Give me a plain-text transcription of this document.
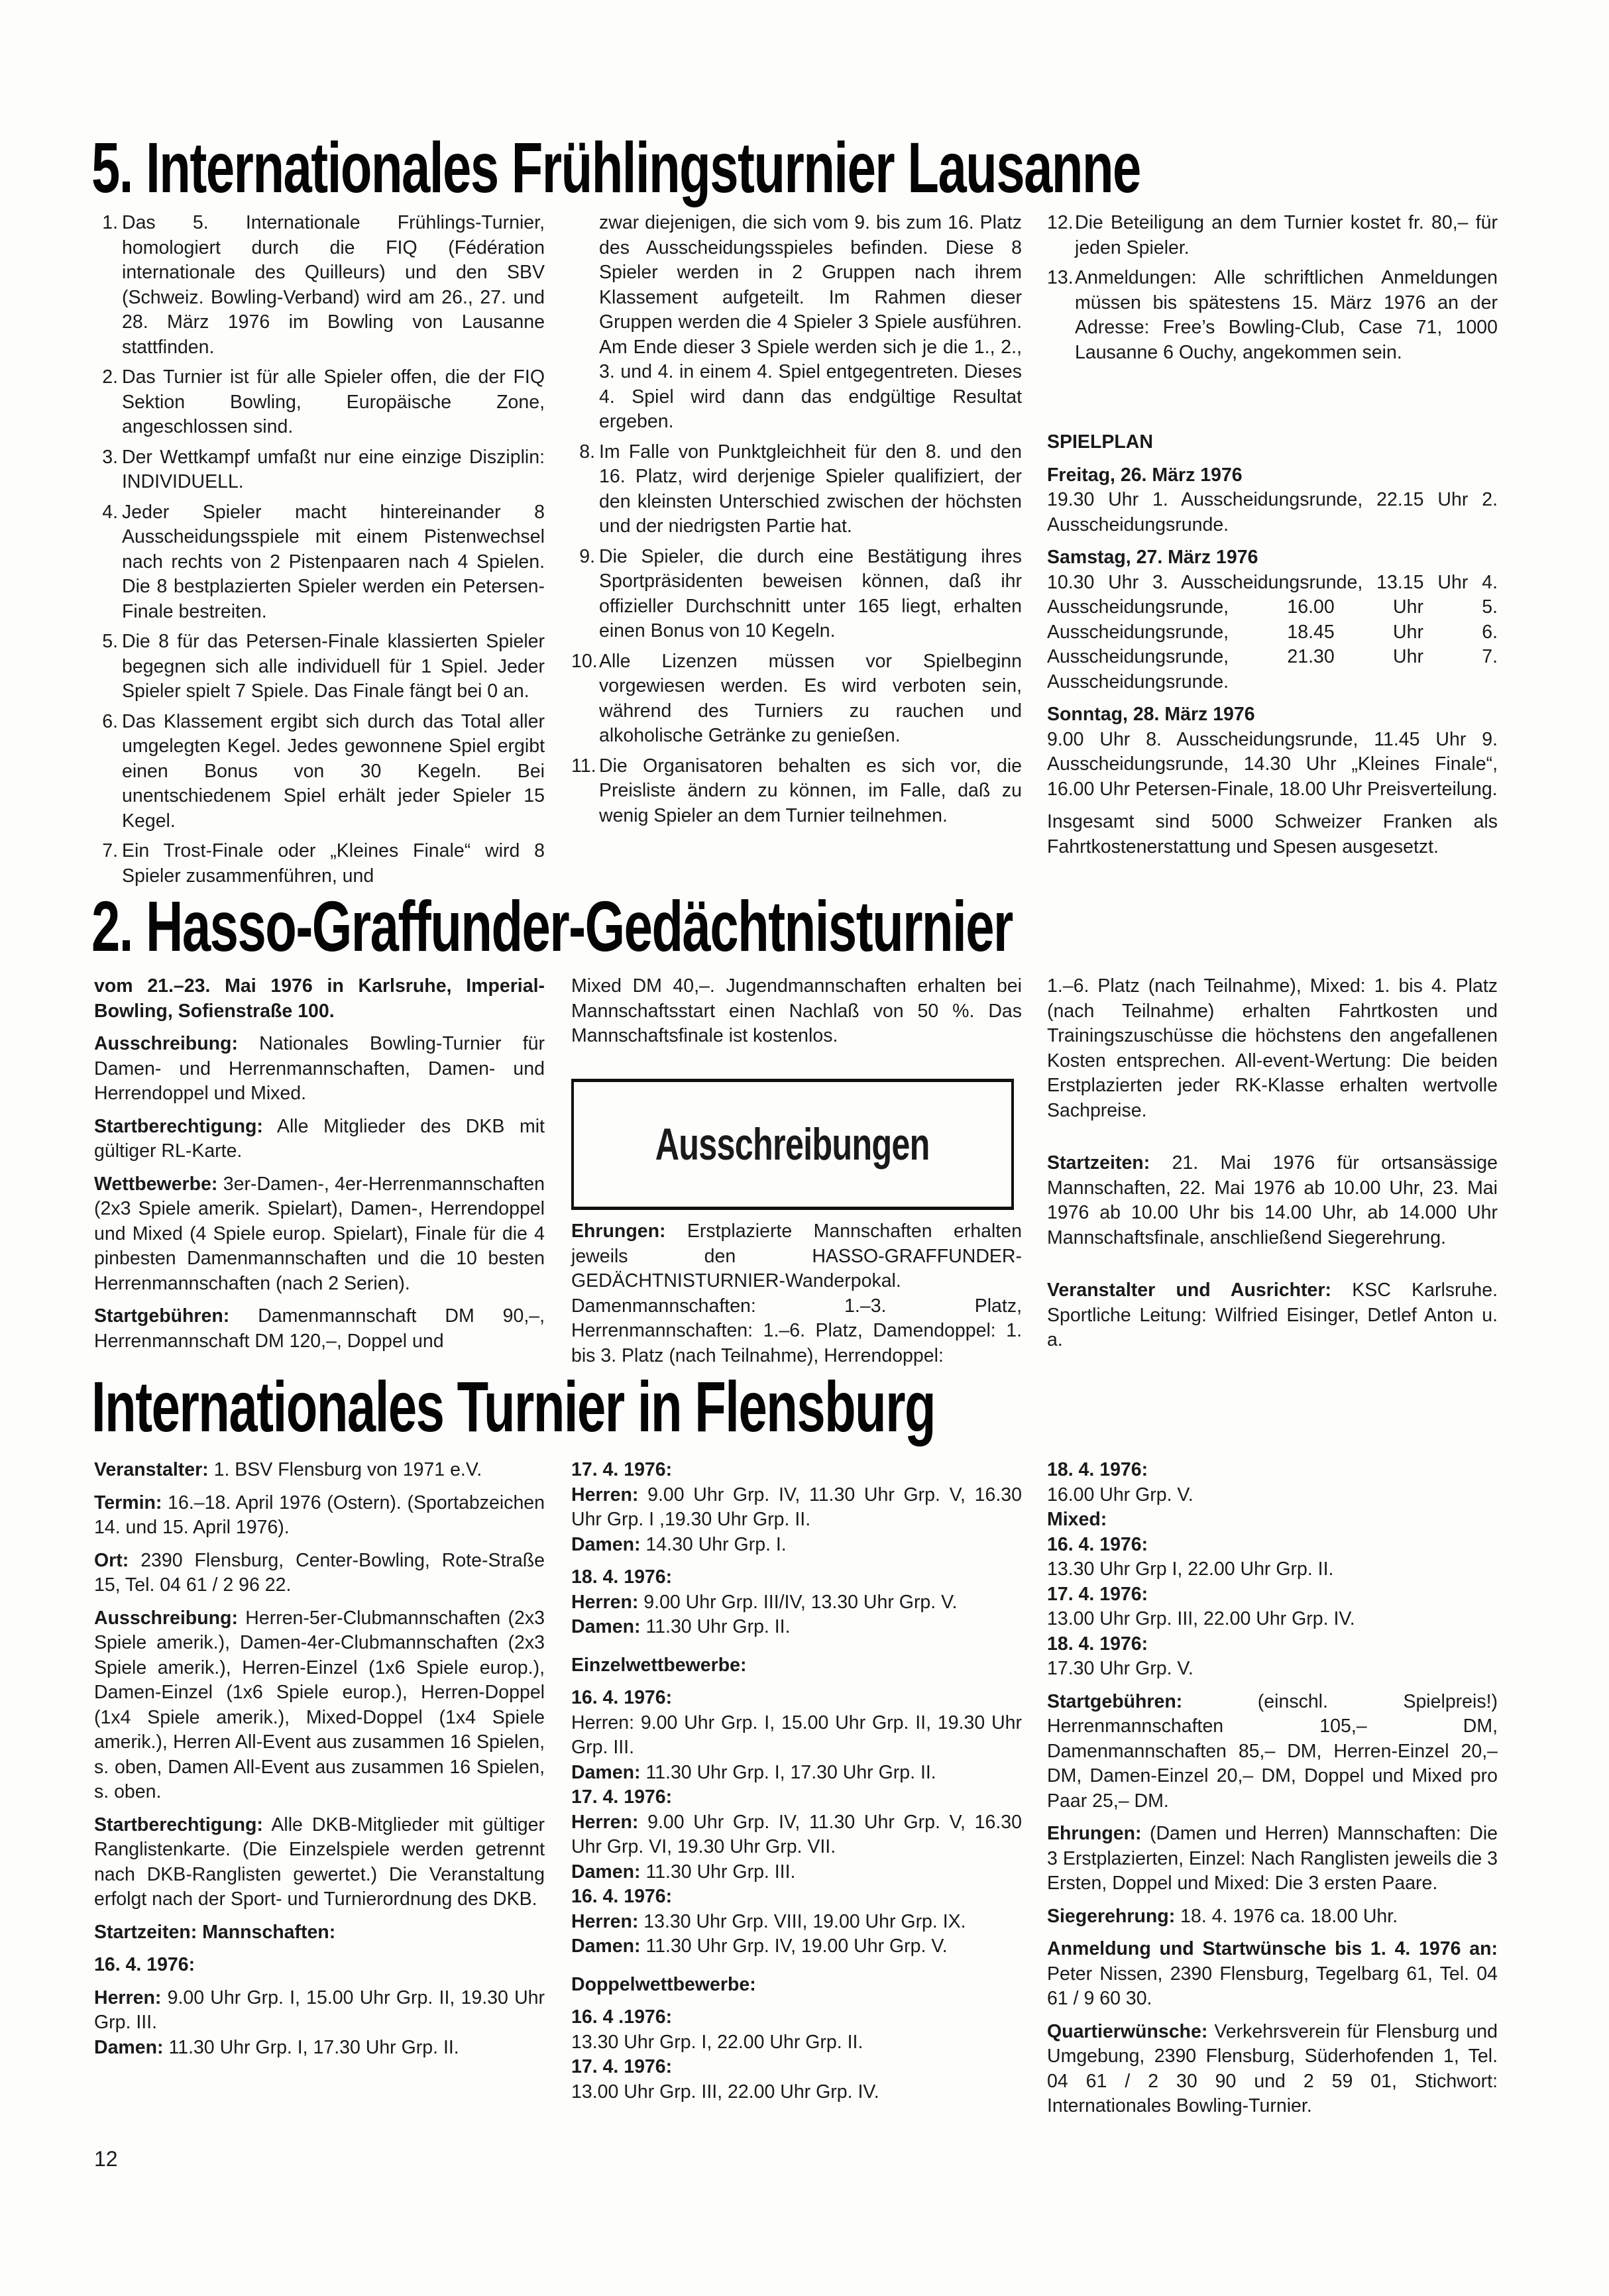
5. Internationales Frühlingsturnier Lausanne
1. Das 5. Internationale Frühlings-Turnier, homologiert durch die FIQ (Fédération internationale des Quilleurs) und den SBV (Schweiz. Bowling-Verband) wird am 26., 27. und 28. März 1976 im Bowling von Lausanne stattfinden.
2. Das Turnier ist für alle Spieler offen, die der FIQ Sektion Bowling, Europäische Zone, angeschlossen sind.
3. Der Wettkampf umfaßt nur eine einzige Disziplin: INDIVIDUELL.
4. Jeder Spieler macht hintereinander 8 Ausscheidungsspiele mit einem Pistenwechsel nach rechts von 2 Pistenpaaren nach 4 Spielen. Die 8 bestplazierten Spieler werden ein Petersen-Finale bestreiten.
5. Die 8 für das Petersen-Finale klassierten Spieler begegnen sich alle individuell für 1 Spiel. Jeder Spieler spielt 7 Spiele. Das Finale fängt bei 0 an.
6. Das Klassement ergibt sich durch das Total aller umgelegten Kegel. Jedes gewonnene Spiel ergibt einen Bonus von 30 Kegeln. Bei unentschiedenem Spiel erhält jeder Spieler 15 Kegel.
7. Ein Trost-Finale oder „Kleines Finale“ wird 8 Spieler zusammenführen, und
zwar diejenigen, die sich vom 9. bis zum 16. Platz des Ausscheidungsspieles befinden. Diese 8 Spieler werden in 2 Gruppen nach ihrem Klassement aufgeteilt. Im Rahmen dieser Gruppen werden die 4 Spieler 3 Spiele ausführen. Am Ende dieser 3 Spiele werden sich je die 1., 2., 3. und 4. in einem 4. Spiel entgegentreten. Dieses 4. Spiel wird dann das endgültige Resultat ergeben.
8. Im Falle von Punktgleichheit für den 8. und den 16. Platz, wird derjenige Spieler qualifiziert, der den kleinsten Unterschied zwischen der höchsten und der niedrigsten Partie hat.
9. Die Spieler, die durch eine Bestätigung ihres Sportpräsidenten beweisen können, daß ihr offizieller Durchschnitt unter 165 liegt, erhalten einen Bonus von 10 Kegeln.
10. Alle Lizenzen müssen vor Spielbeginn vorgewiesen werden. Es wird verboten sein, während des Turniers zu rauchen und alkoholische Getränke zu genießen.
11. Die Organisatoren behalten es sich vor, die Preisliste ändern zu können, im Falle, daß zu wenig Spieler an dem Turnier teilnehmen.
12. Die Beteiligung an dem Turnier kostet fr. 80,– für jeden Spieler.
13. Anmeldungen: Alle schriftlichen Anmeldungen müssen bis spätestens 15. März 1976 an der Adresse: Free’s Bowling-Club, Case 71, 1000 Lausanne 6 Ouchy, angekommen sein.

SPIELPLAN

Freitag, 26. März 1976

19.30 Uhr 1. Ausscheidungsrunde, 22.15 Uhr 2. Ausscheidungsrunde.

Samstag, 27. März 1976

10.30 Uhr 3. Ausscheidungsrunde, 13.15 Uhr 4. Ausscheidungsrunde, 16.00 Uhr 5. Ausscheidungsrunde, 18.45 Uhr 6. Ausscheidungsrunde, 21.30 Uhr 7. Ausscheidungsrunde.

Sonntag, 28. März 1976

9.00 Uhr 8. Ausscheidungsrunde, 11.45 Uhr 9. Ausscheidungsrunde, 14.30 Uhr „Kleines Finale“, 16.00 Uhr Petersen-Finale, 18.00 Uhr Preisverteilung.

Insgesamt sind 5000 Schweizer Franken als Fahrtkostenerstattung und Spesen ausgesetzt.

2. Hasso-Graffunder-Gedächtnisturnier

vom 21.–23. Mai 1976 in Karlsruhe, Imperial-Bowling, Sofienstraße 100.

Ausschreibung: Nationales Bowling-Turnier für Damen- und Herrenmannschaften, Damen- und Herrendoppel und Mixed.

Startberechtigung: Alle Mitglieder des DKB mit gültiger RL-Karte.

Wettbewerbe: 3er-Damen-, 4er-Herrenmannschaften (2x3 Spiele amerik. Spielart), Damen-, Herrendoppel und Mixed (4 Spiele europ. Spielart), Finale für die 4 pinbesten Damenmannschaften und die 10 besten Herrenmannschaften (nach 2 Serien).

Startgebühren: Damenmannschaft DM 90,–, Herrenmannschaft DM 120,–, Doppel und

Mixed DM 40,–. Jugendmannschaften erhalten bei Mannschaftsstart einen Nachlaß von 50 %. Das Mannschaftsfinale ist kostenlos.

Ausschreibungen

Ehrungen: Erstplazierte Mannschaften erhalten jeweils den HASSO-GRAFFUNDER-GEDÄCHTNISTURNIER-Wanderpokal. Damenmannschaften: 1.–3. Platz, Herrenmannschaften: 1.–6. Platz, Damendoppel: 1. bis 3. Platz (nach Teilnahme), Herrendoppel:

1.–6. Platz (nach Teilnahme), Mixed: 1. bis 4. Platz (nach Teilnahme) erhalten Fahrtkosten und Trainingszuschüsse die höchstens den angefallenen Kosten entsprechen. All-event-Wertung: Die beiden Erstplazierten jeder RK-Klasse erhalten wertvolle Sachpreise.

Startzeiten: 21. Mai 1976 für ortsansässige Mannschaften, 22. Mai 1976 ab 10.00 Uhr, 23. Mai 1976 ab 10.00 Uhr bis 14.00 Uhr, ab 14.000 Uhr Mannschaftsfinale, anschließend Siegerehrung.

Veranstalter und Ausrichter: KSC Karlsruhe. Sportliche Leitung: Wilfried Eisinger, Detlef Anton u. a.

Internationales Turnier in Flensburg

Veranstalter: 1. BSV Flensburg von 1971 e.V.

Termin: 16.–18. April 1976 (Ostern). (Sportabzeichen 14. und 15. April 1976).

Ort: 2390 Flensburg, Center-Bowling, Rote-Straße 15, Tel. 04 61 / 2 96 22.

Ausschreibung: Herren-5er-Clubmannschaften (2x3 Spiele amerik.), Damen-4er-Clubmannschaften (2x3 Spiele amerik.), Herren-Einzel (1x6 Spiele europ.), Damen-Einzel (1x6 Spiele europ.), Herren-Doppel (1x4 Spiele amerik.), Mixed-Doppel (1x4 Spiele amerik.), Herren All-Event aus zusammen 16 Spielen, s. oben, Damen All-Event aus zusammen 16 Spielen, s. oben.

Startberechtigung: Alle DKB-Mitglieder mit gültiger Ranglistenkarte. (Die Einzelspiele werden getrennt nach DKB-Ranglisten gewertet.) Die Veranstaltung erfolgt nach der Sport- und Turnierordnung des DKB.

Startzeiten: Mannschaften:

16. 4. 1976:

Herren: 9.00 Uhr Grp. I, 15.00 Uhr Grp. II, 19.30 Uhr Grp. III.

Damen: 11.30 Uhr Grp. I, 17.30 Uhr Grp. II.

17. 4. 1976:

Herren: 9.00 Uhr Grp. IV, 11.30 Uhr Grp. V, 16.30 Uhr Grp. I ,19.30 Uhr Grp. II.

Damen: 14.30 Uhr Grp. I.

18. 4. 1976:

Herren: 9.00 Uhr Grp. III/IV, 13.30 Uhr Grp. V.

Damen: 11.30 Uhr Grp. II.

Einzelwettbewerbe:

16. 4. 1976:

Herren: 9.00 Uhr Grp. I, 15.00 Uhr Grp. II, 19.30 Uhr Grp. III.

Damen: 11.30 Uhr Grp. I, 17.30 Uhr Grp. II.

17. 4. 1976:

Herren: 9.00 Uhr Grp. IV, 11.30 Uhr Grp. V, 16.30 Uhr Grp. VI, 19.30 Uhr Grp. VII.

Damen: 11.30 Uhr Grp. III.

16. 4. 1976:

Herren: 13.30 Uhr Grp. VIII, 19.00 Uhr Grp. IX.

Damen: 11.30 Uhr Grp. IV, 19.00 Uhr Grp. V.

Doppelwettbewerbe:

16. 4 .1976:

13.30 Uhr Grp. I, 22.00 Uhr Grp. II.

17. 4. 1976:

13.00 Uhr Grp. III, 22.00 Uhr Grp. IV.

18. 4. 1976:

16.00 Uhr Grp. V.

Mixed:

16. 4. 1976:

13.30 Uhr Grp I, 22.00 Uhr Grp. II.

17. 4. 1976:

13.00 Uhr Grp. III, 22.00 Uhr Grp. IV.

18. 4. 1976:

17.30 Uhr Grp. V.

Startgebühren:	(einschl. Spielpreis!) Herrenmannschaften 105,– DM, Damenmannschaften 85,– DM, Herren-Einzel 20,– DM, Damen-Einzel 20,– DM, Doppel und Mixed pro Paar 25,– DM.

Ehrungen: (Damen und Herren) Mannschaften: Die 3 Erstplazierten, Einzel: Nach Ranglisten jeweils die 3 Ersten, Doppel und Mixed: Die 3 ersten Paare.

Siegerehrung: 18. 4. 1976 ca. 18.00 Uhr.

Anmeldung und Startwünsche bis 1. 4. 1976 an: Peter Nissen, 2390 Flensburg, Tegelbarg 61, Tel. 04 61 / 9 60 30.

Quartierwünsche: Verkehrsverein für Flensburg und Umgebung, 2390 Flensburg, Süderhofenden 1, Tel. 04 61 / 2 30 90 und 2 59 01, Stichwort: Internationales Bowling-Turnier.

12
